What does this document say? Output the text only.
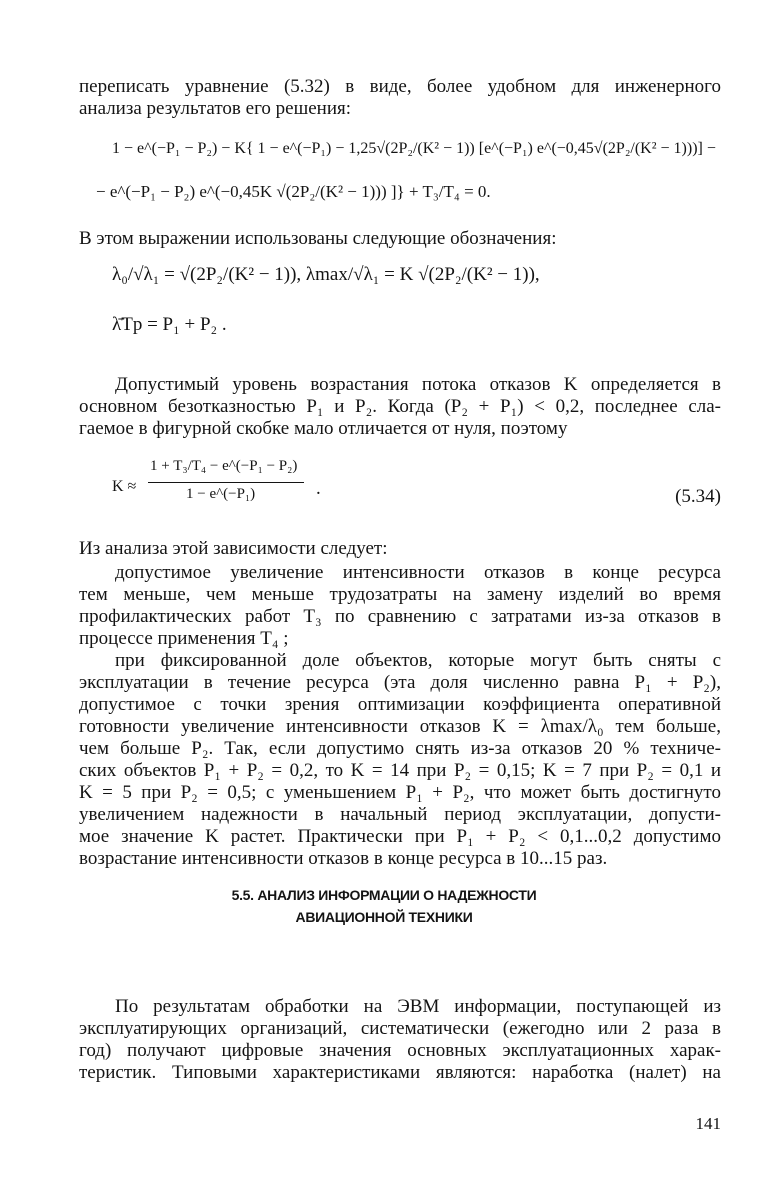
переписать уравнение (5.32) в виде, более удобном для инженерного
анализа результатов его решения:
1 − e^(−P₁ − P₂) − K{ 1 − e^(−P₁) − 1,25√(2P₂/(K² − 1)) [e^(−P₁) e^(−0,45√(2P₂/(K² − 1)))] −
− e^(−P₁ − P₂) e^(−0,45K √(2P₂/(K² − 1))) ]} + T₃/T₄ = 0.
В этом выражении использованы следующие обозначения:
λ₀/√λ₁ = √(2P₂/(K² − 1)), λmax/√λ₁ = K √(2P₂/(K² − 1)),
λ̄Tр = P₁ + P₂ .
Допустимый уровень возрастания потока отказов K определяется в
основном безотказностью P₁ и P₂. Когда (P₂ + P₁) < 0,2, последнее сла-
гаемое в фигурной скобке мало отличается от нуля, поэтому
K ≈
1 + T₃/T₄ − e^(−P₁ − P₂)
1 − e^(−P₁)	.	(5.34)
Из анализа этой зависимости следует:
допустимое увеличение интенсивности отказов в конце ресурса
тем меньше, чем меньше трудозатраты на замену изделий во время
профилактических работ T₃ по сравнению с затратами из-за отказов в
процессе применения T₄ ;
при фиксированной доле объектов, которые могут быть сняты с
эксплуатации в течение ресурса (эта доля численно равна P₁ + P₂),
допустимое с точки зрения оптимизации коэффициента оперативной
готовности увеличение интенсивности отказов K = λmax/λ₀ тем больше,
чем больше P₂. Так, если допустимо снять из-за отказов 20 % техниче-
ских объектов P₁ + P₂ = 0,2, то K = 14 при P₂ = 0,15; K = 7 при P₂ = 0,1 и
K = 5 при P₂ = 0,5; с уменьшением P₁ + P₂, что может быть достигнуто
увеличением надежности в начальный период эксплуатации, допусти-
мое значение K растет. Практически при P₁ + P₂ < 0,1...0,2 допустимо
возрастание интенсивности отказов в конце ресурса в 10...15 раз.
5.5. АНАЛИЗ ИНФОРМАЦИИ О НАДЕЖНОСТИ
АВИАЦИОННОЙ ТЕХНИКИ
По результатам обработки на ЭВМ информации, поступающей из
эксплуатирующих организаций, систематически (ежегодно или 2 раза в
год) получают цифровые значения основных эксплуатационных харак-
теристик. Типовыми характеристиками являются: наработка (налет) на
141
